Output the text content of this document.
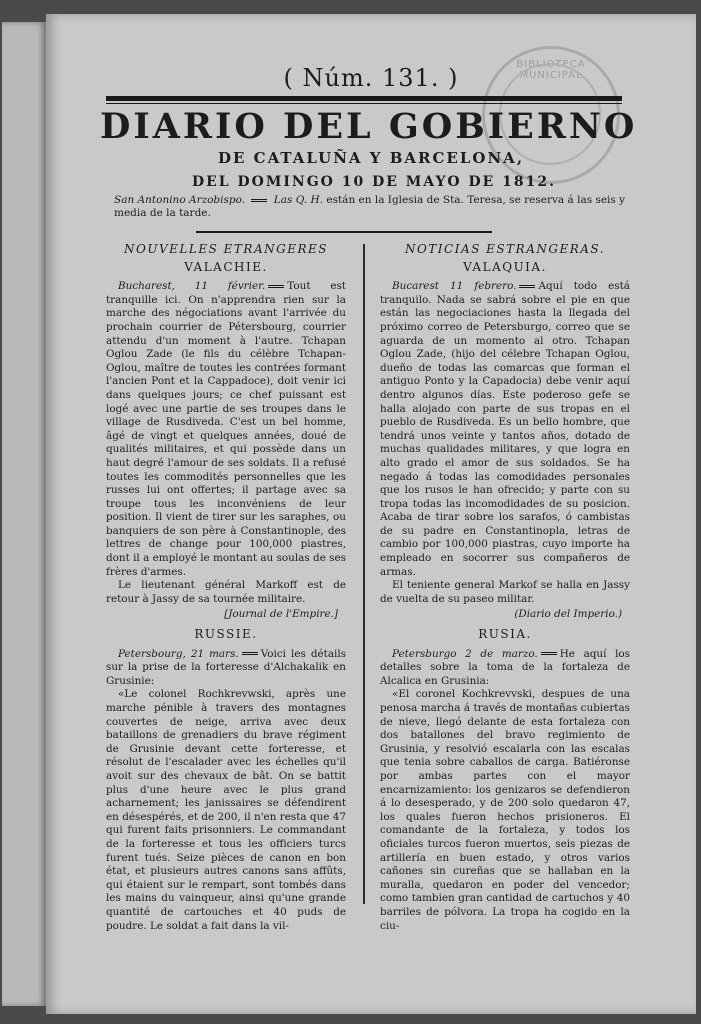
BIBLIOTECA MUNICIPAL
( Núm. 131. )
DIARIO DEL GOBIERNO
DE CATALUÑA Y BARCELONA,
DEL DOMINGO 10 DE MAYO DE 1812.
San Antonino Arzobispo.	Las Q. H. están en la Iglesia de Sta. Teresa, se reserva á las seis y media de la tarde.

NOUVELLES ETRANGERES

VALACHIE.

Bucharest, 11 février. Tout est tranquille ici. On n'apprendra rien sur la marche des négociations avant l'arrivée du prochain courrier de Pétersbourg, courrier attendu d'un moment à l'autre. Tchapan Oglou Zade (le fils du célèbre Tchapan-Oglou, maître de toutes les contrées formant l'ancien Pont et la Cappadoce), doit venir ici dans quelques jours; ce chef puissant est logé avec une partie de ses troupes dans le village de Rusdiveda. C'est un bel homme, âgé de vingt et quelques années, doué de qualités militaires, et qui possède dans un haut degré l'amour de ses soldats. Il a refusé toutes les commodités personnelles que les russes lui ont offertes; il partage avec sa troupe tous les inconvéniens de leur position. Il vient de tirer sur les saraphes, ou banquiers de son père à Constantinople, des lettres de change pour 100,000 piastres, dont il a employé le montant au soulas de ses frères d'armes.

Le lieutenant général Markoff est de retour à Jassy de sa tournée militaire.

[Journal de l'Empire.]

RUSSIE.

Petersbourg, 21 mars. Voici les détails sur la prise de la forteresse d'Alchakalik en Grusinie:

«Le colonel Rochkrevwski, après une marche pénible à travers des montagnes couvertes de neige, arriva avec deux bataillons de grenadiers du brave régiment de Grusinie devant cette forteresse, et résolut de l'escalader avec les échelles qu'il avoit sur des chevaux de bât. On se battit plus d'une heure avec le plus grand acharnement; les janissaires se défendirent en désespérés, et de 200, il n'en resta que 47 qui furent faits prisonniers. Le commandant de la forteresse et tous les officiers turcs furent tués. Seize pièces de canon en bon état, et plusieurs autres canons sans affûts, qui étaient sur le rempart, sont tombés dans les mains du vainqueur, ainsi qu'une grande quantité de cartouches et 40 puds de poudre. Le soldat a fait dans la vil-

NOTICIAS ESTRANGERAS.

VALAQUIA.

Bucarest 11 febrero. Aquí todo está tranquilo. Nada se sabrá sobre el pie en que están las negociaciones hasta la llegada del próximo correo de Petersburgo, correo que se aguarda de un momento al otro. Tchapan Oglou Zade, (hijo del célebre Tchapan Oglou, dueño de todas las comarcas que forman el antiguo Ponto y la Capadocia) debe venir aquí dentro algunos días. Este poderoso gefe se halla alojado con parte de sus tropas en el pueblo de Rusdiveda. Es un bello hombre, que tendrá unos veinte y tantos años, dotado de muchas qualidades militares, y que logra en alto grado el amor de sus soldados. Se ha negado á todas las comodidades personales que los rusos le han ofrecido; y parte con su tropa todas las incomodidades de su posicion. Acaba de tirar sobre los sarafos, ó cambistas de su padre en Constantinopla, letras de cambio por 100,000 piastras, cuyo importe ha empleado en socorrer sus compañeros de armas.

El teniente general Markof se halla en Jassy de vuelta de su paseo militar.

(Diario del Imperio.)

RUSIA.

Petersburgo 2 de marzo. He aquí los detalles sobre la toma de la fortaleza de Alcalica en Grusinia:

«El coronel Kochkrevvski, despues de una penosa marcha á través de montañas cubiertas de nieve, llegó delante de esta fortaleza con dos batallones del bravo regimiento de Grusinia, y resolvió escalarla con las escalas que tenia sobre caballos de carga. Batiéronse por ambas partes con el mayor encarnizamiento: los genizaros se defendieron á lo desesperado, y de 200 solo quedaron 47, los quales fueron hechos prisioneros. El comandante de la fortaleza, y todos los oficiales turcos fueron muertos, seis piezas de artillería en buen estado, y otros varios cañones sin cureñas que se hallaban en la muralla, quedaron en poder del vencedor; como tambien gran cantidad de cartuchos y 40 barriles de pólvora. La tropa ha cogido en la ciu-
